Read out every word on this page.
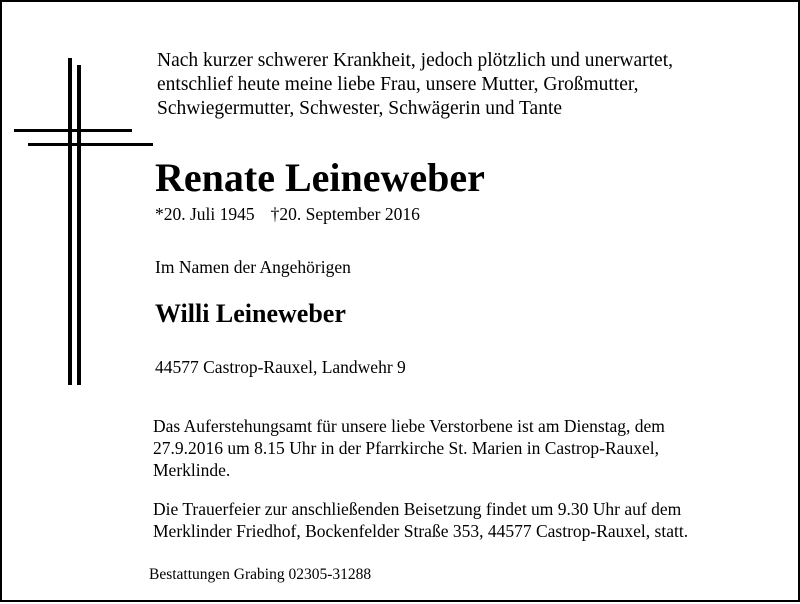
Nach kurzer schwerer Krankheit, jedoch plötzlich und unerwartet,
entschlief heute meine liebe Frau, unsere Mutter, Großmutter,
Schwiegermutter, Schwester, Schwägerin und Tante
Renate Leineweber
*20. Juli 1945 †20. September 2016
Im Namen der Angehörigen
Willi Leineweber
44577 Castrop-Rauxel, Landwehr 9
Das Auferstehungsamt für unsere liebe Verstorbene ist am Dienstag, dem
27.9.2016 um 8.15 Uhr in der Pfarrkirche St. Marien in Castrop-Rauxel,
Merklinde.
Die Trauerfeier zur anschließenden Beisetzung findet um 9.30 Uhr auf dem
Merklinder Friedhof, Bockenfelder Straße 353, 44577 Castrop-Rauxel, statt.
Bestattungen Grabing 02305-31288
